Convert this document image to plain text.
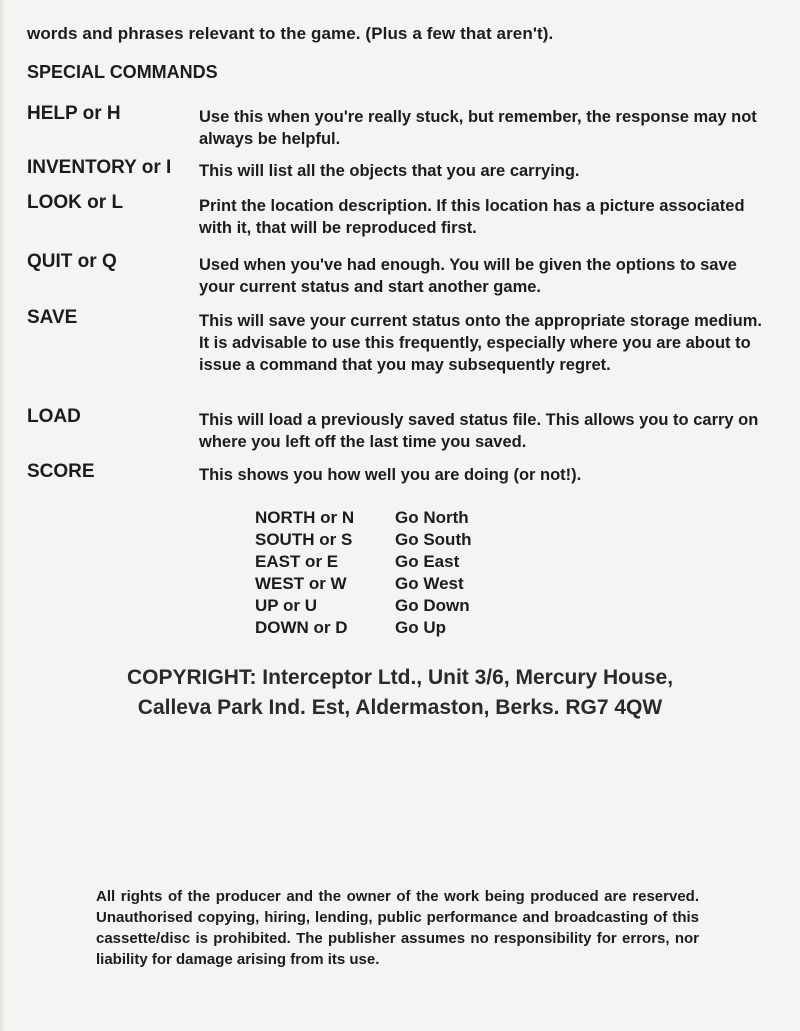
words and phrases relevant to the game. (Plus a few that aren't).
SPECIAL COMMANDS
HELP or H	Use this when you're really stuck, but remember, the response may not always be helpful.
INVENTORY or I	This will list all the objects that you are carrying.
LOOK or L	Print the location description. If this location has a picture associated with it, that will be reproduced first.
QUIT or Q	Used when you've had enough. You will be given the options to save your current status and start another game.
SAVE	This will save your current status onto the appropriate storage medium. It is advisable to use this frequently, especially where you are about to issue a command that you may subsequently regret.
LOAD	This will load a previously saved status file. This allows you to carry on where you left off the last time you saved.
SCORE	This shows you how well you are doing (or not!).
NORTH or N	Go North
SOUTH or S	Go South
EAST or E	Go East
WEST or W	Go West
UP or U	Go Down
DOWN or D	Go Up
COPYRIGHT: Interceptor Ltd., Unit 3/6, Mercury House,
Calleva Park Ind. Est, Aldermaston, Berks. RG7 4QW
All rights of the producer and the owner of the work being produced are reserved. Unauthorised copying, hiring, lending, public performance and broadcasting of this cassette/disc is prohibited. The publisher assumes no responsibility for errors, nor liability for damage arising from its use.
